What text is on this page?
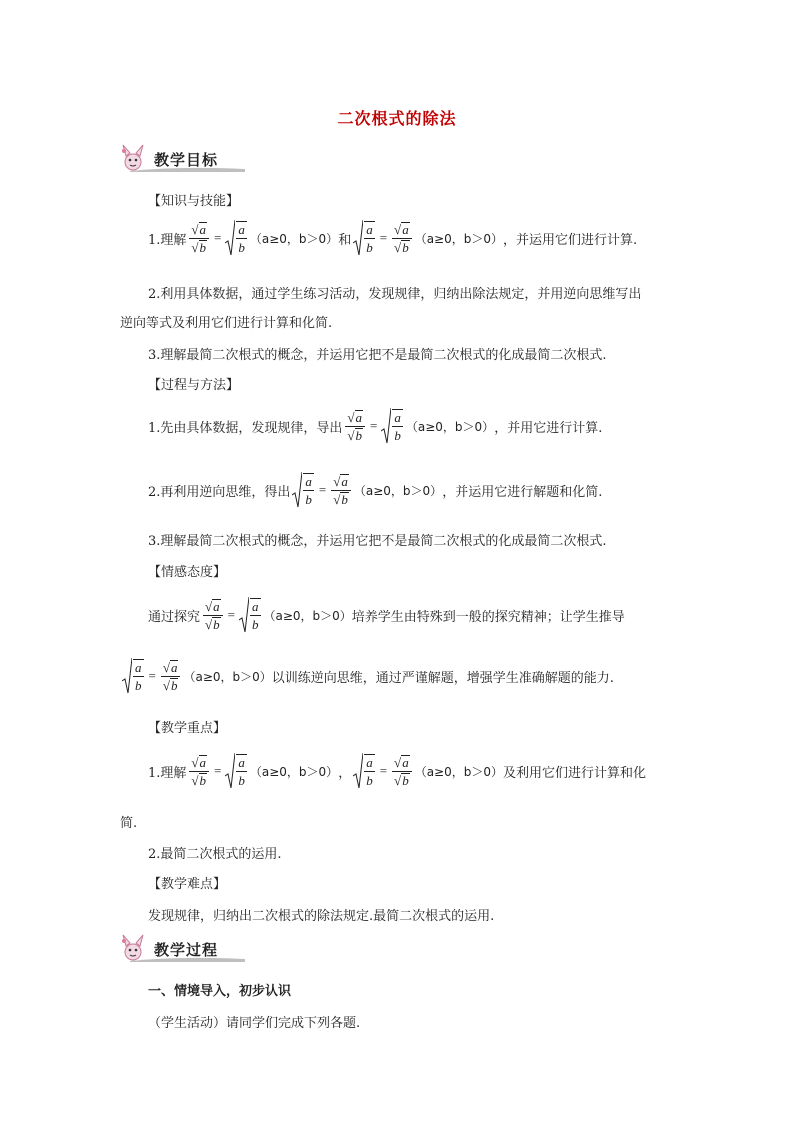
二次根式的除法
教学目标
【知识与技能】
1.理解 $\frac{√ a}{√ b} = \frac{a}{b} (a\ge 0$，b＞0） 和 $\frac{a}{b} = \frac{√ a}{√ b} (a\ge 0$，b＞0） ，并运用它们进行计算.
2.利用具体数据，通过学生练习活动，发现规律，归纳出除法规定，并用逆向思维写出
逆向等式及利用它们进行计算和化简.
3.理解最简二次根式的概念，并运用它把不是最简二次根式的化成最简二次根式.
【过程与方法】
1.先由具体数据，发现规律，导出 $\frac{√ a}{√ b} = \frac{a}{b} (a\ge 0$，b＞0） ，并用它进行计算.
2.再利用逆向思维，得出 $\frac{a}{b} = \frac{√ a}{√ b} (a\ge 0$，b＞0） ，并运用它进行解题和化简.
3.理解最简二次根式的概念，并运用它把不是最简二次根式的化成最简二次根式.
【情感态度】
通过探究 $\frac{√ a}{√ b} = \frac{a}{b} (a\ge 0$，b＞0） 培养学生由特殊到一般的探究精神；让学生推导
$\frac{a}{b} = \frac{√ a}{√ b} (a\ge 0$，b＞0） 以训练逆向思维，通过严谨解题，增强学生准确解题的能力.
【教学重点】
1.理解 $\frac{√ a}{√ b} = \frac{a}{b} (a\ge 0$，b＞0） ， $\frac{a}{b} = \frac{√ a}{√ b} (a\ge 0$，b＞0） 及利用它们进行计算和化
简.
2.最简二次根式的运用.
【教学难点】
发现规律，归纳出二次根式的除法规定.最简二次根式的运用.
教学过程
一、情境导入，初步认识
（学生活动）请同学们完成下列各题.
